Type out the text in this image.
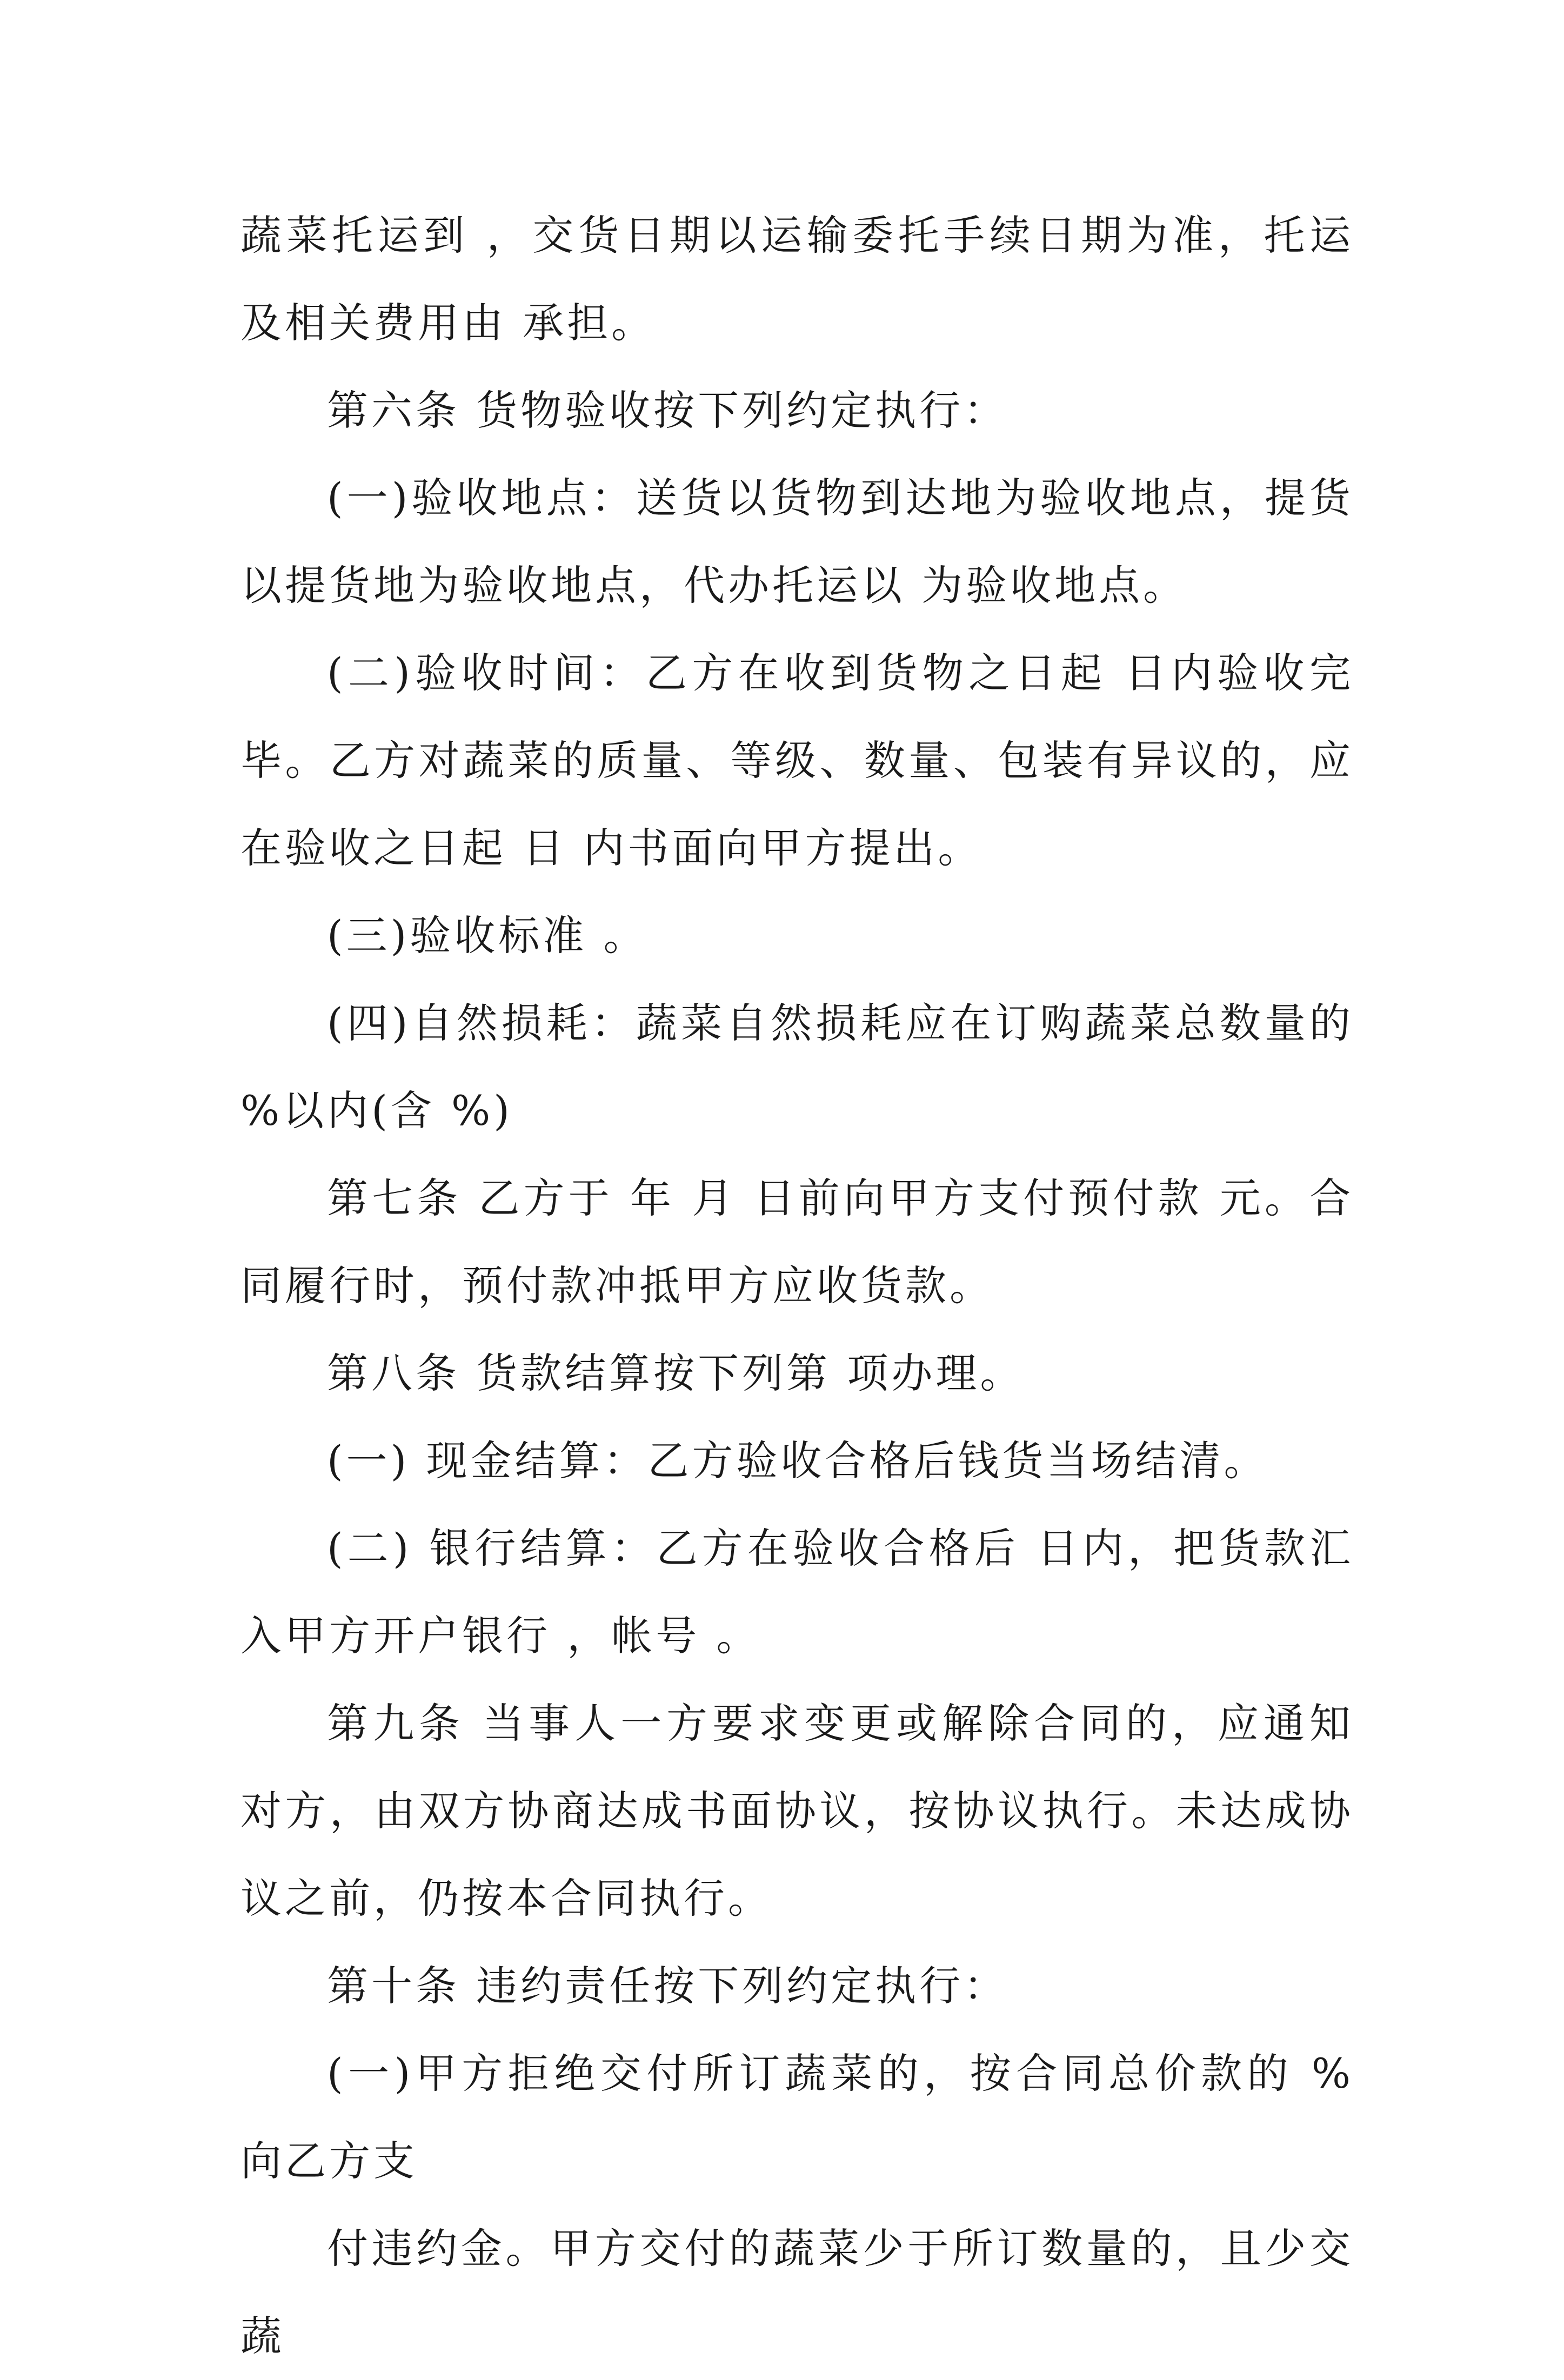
蔬菜托运到 ，交货日期以运输委托手续日期为准，托运及相关费用由 承担。

第六条 货物验收按下列约定执行：

(一)验收地点：送货以货物到达地为验收地点，提货以提货地为验收地点，代办托运以 为验收地点。

(二)验收时间：乙方在收到货物之日起 日内验收完毕。乙方对蔬菜的质量、等级、数量、包装有异议的，应在验收之日起 日 内书面向甲方提出。

(三)验收标准 。

(四)自然损耗：蔬菜自然损耗应在订购蔬菜总数量的 %以内(含 %)

第七条 乙方于 年 月 日前向甲方支付预付款 元。合同履行时，预付款冲抵甲方应收货款。

第八条 货款结算按下列第 项办理。

(一) 现金结算：乙方验收合格后钱货当场结清。

(二) 银行结算：乙方在验收合格后 日内，把货款汇入甲方开户银行 ，帐号 。

第九条 当事人一方要求变更或解除合同的，应通知对方，由双方协商达成书面协议，按协议执行。未达成协议之前，仍按本合同执行。

第十条 违约责任按下列约定执行：

(一)甲方拒绝交付所订蔬菜的，按合同总价款的 %向乙方支

付违约金。甲方交付的蔬菜少于所订数量的，且少交蔬
